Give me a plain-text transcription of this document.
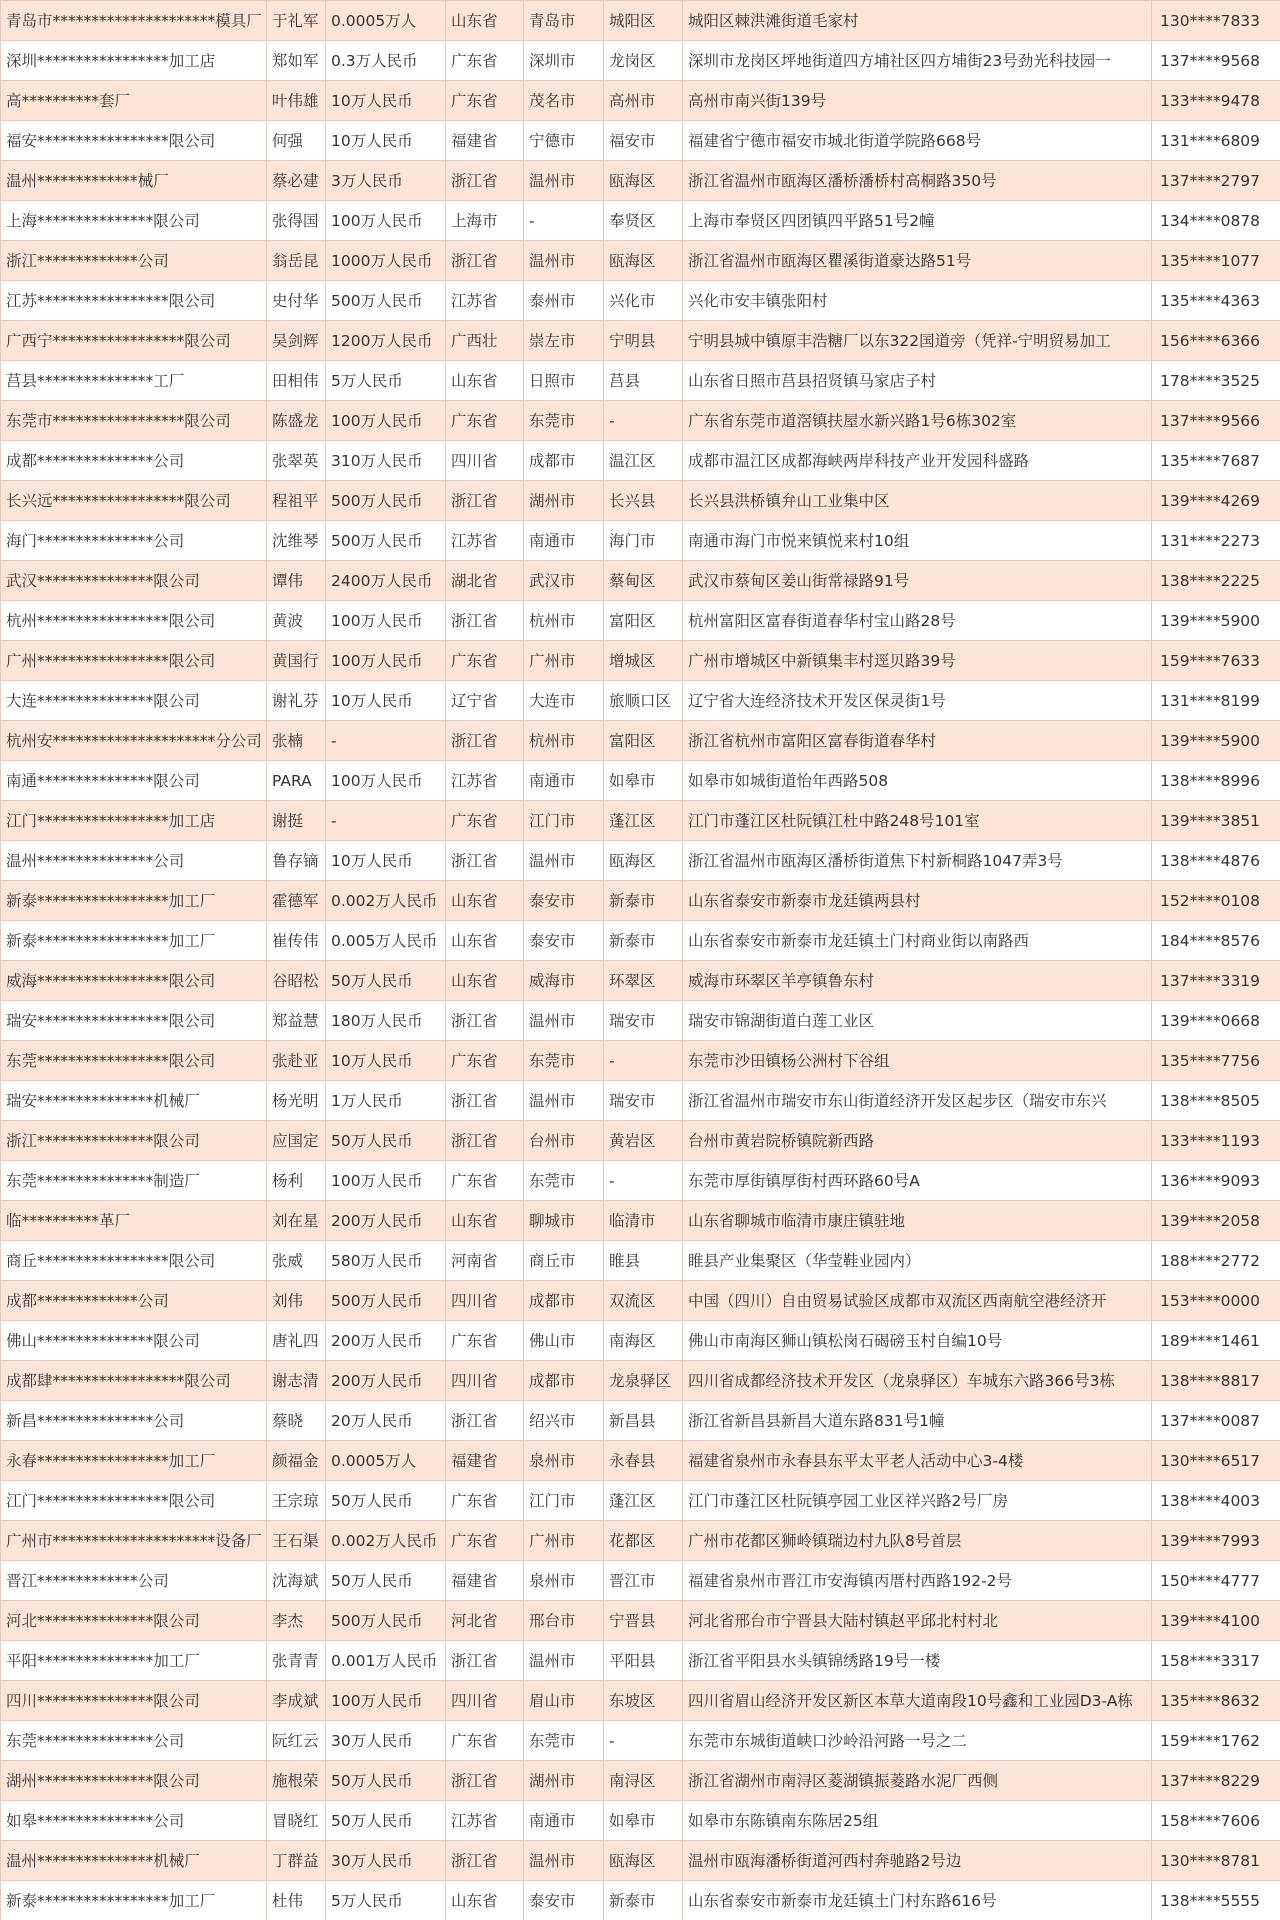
青岛市*********************模具厂	于礼军	0.0005万人	山东省	青岛市	城阳区	城阳区棘洪滩街道毛家村	130****7833
深圳*****************加工店	郑如军	0.3万人民币	广东省	深圳市	龙岗区	深圳市龙岗区坪地街道四方埔社区四方埔街23号劲光科技园一	137****9568
高**********套厂	叶伟雄	10万人民币	广东省	茂名市	高州市	高州市南兴街139号	133****9478
福安*****************限公司	何强	10万人民币	福建省	宁德市	福安市	福建省宁德市福安市城北街道学院路668号	131****6809
温州*************械厂	蔡必建	3万人民币	浙江省	温州市	瓯海区	浙江省温州市瓯海区潘桥潘桥村高桐路350号	137****2797
上海***************限公司	张得国	100万人民币	上海市	-	奉贤区	上海市奉贤区四团镇四平路51号2幢	134****0878
浙江*************公司	翁岳昆	1000万人民币	浙江省	温州市	瓯海区	浙江省温州市瓯海区瞿溪街道豪达路51号	135****1077
江苏*****************限公司	史付华	500万人民币	江苏省	泰州市	兴化市	兴化市安丰镇张阳村	135****4363
广西宁*****************限公司	吴剑辉	1200万人民币	广西壮	崇左市	宁明县	宁明县城中镇原丰浩糖厂以东322国道旁（凭祥-宁明贸易加工	156****6366
莒县***************工厂	田相伟	5万人民币	山东省	日照市	莒县	山东省日照市莒县招贤镇马家店子村	178****3525
东莞市*****************限公司	陈盛龙	100万人民币	广东省	东莞市	-	广东省东莞市道滘镇扶屋水新兴路1号6栋302室	137****9566
成都***************公司	张翠英	310万人民币	四川省	成都市	温江区	成都市温江区成都海峡两岸科技产业开发园科盛路	135****7687
长兴远*****************限公司	程祖平	500万人民币	浙江省	湖州市	长兴县	长兴县洪桥镇弁山工业集中区	139****4269
海门***************公司	沈维琴	500万人民币	江苏省	南通市	海门市	南通市海门市悦来镇悦来村10组	131****2273
武汉***************限公司	谭伟	2400万人民币	湖北省	武汉市	蔡甸区	武汉市蔡甸区姜山街常禄路91号	138****2225
杭州*****************限公司	黄波	100万人民币	浙江省	杭州市	富阳区	杭州富阳区富春街道春华村宝山路28号	139****5900
广州*****************限公司	黄国行	100万人民币	广东省	广州市	增城区	广州市增城区中新镇集丰村逕贝路39号	159****7633
大连***************限公司	谢礼芬	10万人民币	辽宁省	大连市	旅顺口区	辽宁省大连经济技术开发区保灵街1号	131****8199
杭州安*********************分公司	张楠	-	浙江省	杭州市	富阳区	浙江省杭州市富阳区富春街道春华村	139****5900
南通***************限公司	PARA	100万人民币	江苏省	南通市	如皋市	如皋市如城街道怡年西路508	138****8996
江门*****************加工店	谢挺	-	广东省	江门市	蓬江区	江门市蓬江区杜阮镇江杜中路248号101室	139****3851
温州***************公司	鲁存镝	10万人民币	浙江省	温州市	瓯海区	浙江省温州市瓯海区潘桥街道焦下村新桐路1047弄3号	138****4876
新泰*****************加工厂	霍德军	0.002万人民币	山东省	泰安市	新泰市	山东省泰安市新泰市龙廷镇两县村	152****0108
新泰*****************加工厂	崔传伟	0.005万人民币	山东省	泰安市	新泰市	山东省泰安市新泰市龙廷镇土门村商业街以南路西	184****8576
威海*****************限公司	谷昭松	50万人民币	山东省	威海市	环翠区	威海市环翠区羊亭镇鲁东村	137****3319
瑞安*****************限公司	郑益慧	180万人民币	浙江省	温州市	瑞安市	瑞安市锦湖街道白莲工业区	139****0668
东莞*****************限公司	张赴亚	10万人民币	广东省	东莞市	-	东莞市沙田镇杨公洲村下谷组	135****7756
瑞安***************机械厂	杨光明	1万人民币	浙江省	温州市	瑞安市	浙江省温州市瑞安市东山街道经济开发区起步区（瑞安市东兴	138****8505
浙江***************限公司	应国定	50万人民币	浙江省	台州市	黄岩区	台州市黄岩院桥镇院新西路	133****1193
东莞***************制造厂	杨利	100万人民币	广东省	东莞市	-	东莞市厚街镇厚街村西环路60号A	136****9093
临**********革厂	刘在星	200万人民币	山东省	聊城市	临清市	山东省聊城市临清市康庄镇驻地	139****2058
商丘*****************限公司	张威	580万人民币	河南省	商丘市	睢县	睢县产业集聚区（华莹鞋业园内）	188****2772
成都*************公司	刘伟	500万人民币	四川省	成都市	双流区	中国（四川）自由贸易试验区成都市双流区西南航空港经济开	153****0000
佛山***************限公司	唐礼四	200万人民币	广东省	佛山市	南海区	佛山市南海区狮山镇松岗石碣磅玉村自编10号	189****1461
成都肆*****************限公司	谢志清	200万人民币	四川省	成都市	龙泉驿区	四川省成都经济技术开发区（龙泉驿区）车城东六路366号3栋	138****8817
新昌***************公司	蔡晓	20万人民币	浙江省	绍兴市	新昌县	浙江省新昌县新昌大道东路831号1幢	137****0087
永春*****************加工厂	颜福金	0.0005万人	福建省	泉州市	永春县	福建省泉州市永春县东平太平老人活动中心3-4楼	130****6517
江门*****************限公司	王宗琼	50万人民币	广东省	江门市	蓬江区	江门市蓬江区杜阮镇亭园工业区祥兴路2号厂房	138****4003
广州市*********************设备厂	王石渠	0.002万人民币	广东省	广州市	花都区	广州市花都区狮岭镇瑞边村九队8号首层	139****7993
晋江*************公司	沈海斌	50万人民币	福建省	泉州市	晋江市	福建省泉州市晋江市安海镇丙厝村西路192-2号	150****4777
河北***************限公司	李杰	500万人民币	河北省	邢台市	宁晋县	河北省邢台市宁晋县大陆村镇赵平邱北村村北	139****4100
平阳***************加工厂	张青青	0.001万人民币	浙江省	温州市	平阳县	浙江省平阳县水头镇锦绣路19号一楼	158****3317
四川***************限公司	李成斌	100万人民币	四川省	眉山市	东坡区	四川省眉山经济开发区新区本草大道南段10号鑫和工业园D3-A栋	135****8632
东莞***************公司	阮红云	30万人民币	广东省	东莞市	-	东莞市东城街道峡口沙岭沿河路一号之二	159****1762
湖州***************限公司	施根荣	50万人民币	浙江省	湖州市	南浔区	浙江省湖州市南浔区菱湖镇振菱路水泥厂西侧	137****8229
如皋***************公司	冒晓红	50万人民币	江苏省	南通市	如皋市	如皋市东陈镇南东陈居25组	158****7606
温州***************机械厂	丁群益	30万人民币	浙江省	温州市	瓯海区	温州市瓯海潘桥街道河西村奔驰路2号边	130****8781
新泰*****************加工厂	杜伟	5万人民币	山东省	泰安市	新泰市	山东省泰安市新泰市龙廷镇土门村东路616号	138****5555
